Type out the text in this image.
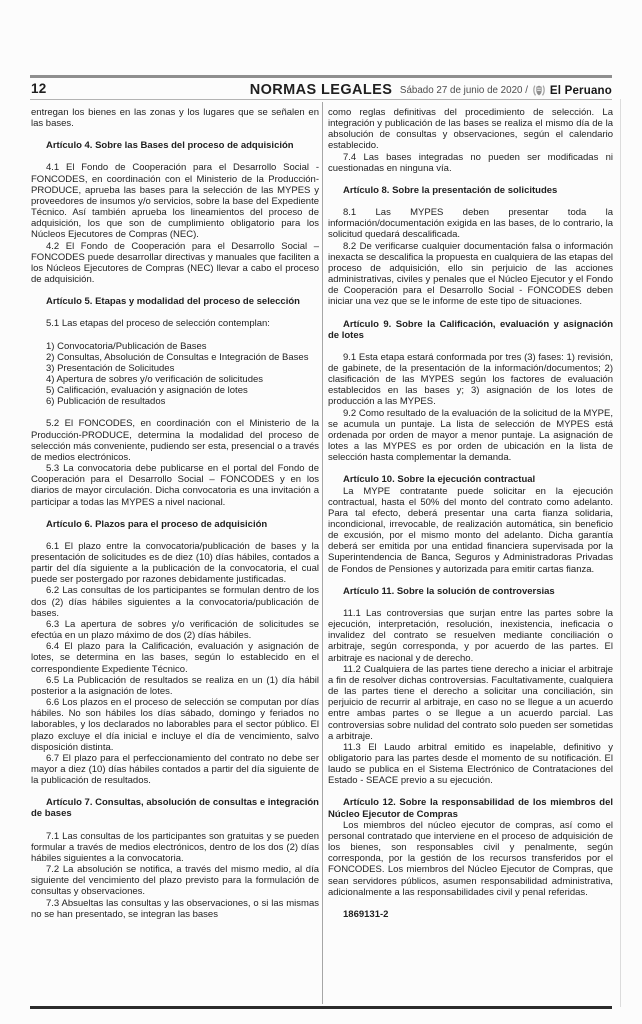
12	NORMAS LEGALES Sábado 27 de junio de 2020 / El Peruano

entregan los bienes en las zonas y los lugares que se señalen en las bases.

Artículo 4. Sobre las Bases del proceso de adquisición

4.1 El Fondo de Cooperación para el Desarrollo Social - FONCODES, en coordinación con el Ministerio de la Producción-PRODUCE, aprueba las bases para la selección de las MYPES y proveedores de insumos y/o servicios, sobre la base del Expediente Técnico. Así también aprueba los lineamientos del proceso de adquisición, los que son de cumplimiento obligatorio para los Núcleos Ejecutores de Compras (NEC).

4.2 El Fondo de Cooperación para el Desarrollo Social – FONCODES puede desarrollar directivas y manuales que faciliten a los Núcleos Ejecutores de Compras (NEC) llevar a cabo el proceso de adquisición.

Artículo 5. Etapas y modalidad del proceso de selección

5.1 Las etapas del proceso de selección contemplan:

1) Convocatoria/Publicación de Bases

2) Consultas, Absolución de Consultas e Integración de Bases

3) Presentación de Solicitudes

4) Apertura de sobres y/o verificación de solicitudes

5) Calificación, evaluación y asignación de lotes

6) Publicación de resultados

5.2 El FONCODES, en coordinación con el Ministerio de la Producción-PRODUCE, determina la modalidad del proceso de selección más conveniente, pudiendo ser esta, presencial o a través de medios electrónicos.

5.3 La convocatoria debe publicarse en el portal del Fondo de Cooperación para el Desarrollo Social – FONCODES y en los diarios de mayor circulación. Dicha convocatoria es una invitación a participar a todas las MYPES a nivel nacional.

Artículo 6. Plazos para el proceso de adquisición

6.1 El plazo entre la convocatoria/publicación de bases y la presentación de solicitudes es de diez (10) días hábiles, contados a partir del día siguiente a la publicación de la convocatoria, el cual puede ser postergado por razones debidamente justificadas.

6.2 Las consultas de los participantes se formulan dentro de los dos (2) días hábiles siguientes a la convocatoria/publicación de bases.

6.3 La apertura de sobres y/o verificación de solicitudes se efectúa en un plazo máximo de dos (2) días hábiles.

6.4 El plazo para la Calificación, evaluación y asignación de lotes, se determina en las bases, según lo establecido en el correspondiente Expediente Técnico.

6.5 La Publicación de resultados se realiza en un (1) día hábil posterior a la asignación de lotes.

6.6 Los plazos en el proceso de selección se computan por días hábiles. No son hábiles los días sábado, domingo y feriados no laborables, y los declarados no laborables para el sector público. El plazo excluye el día inicial e incluye el día de vencimiento, salvo disposición distinta.

6.7 El plazo para el perfeccionamiento del contrato no debe ser mayor a diez (10) días hábiles contados a partir del día siguiente de la publicación de resultados.

Artículo 7. Consultas, absolución de consultas e integración de bases

7.1 Las consultas de los participantes son gratuitas y se pueden formular a través de medios electrónicos, dentro de los dos (2) días hábiles siguientes a la convocatoria.

7.2 La absolución se notifica, a través del mismo medio, al día siguiente del vencimiento del plazo previsto para la formulación de consultas y observaciones.

7.3 Absueltas las consultas y las observaciones, o si las mismas no se han presentado, se integran las bases

como reglas definitivas del procedimiento de selección. La integración y publicación de las bases se realiza el mismo día de la absolución de consultas y observaciones, según el calendario establecido.

7.4 Las bases integradas no pueden ser modificadas ni cuestionadas en ninguna vía.

Artículo 8. Sobre la presentación de solicitudes

8.1 Las MYPES deben presentar toda la información/documentación exigida en las bases, de lo contrario, la solicitud quedará descalificada.

8.2 De verificarse cualquier documentación falsa o información inexacta se descalifica la propuesta en cualquiera de las etapas del proceso de adquisición, ello sin perjuicio de las acciones administrativas, civiles y penales que el Núcleo Ejecutor y el Fondo de Cooperación para el Desarrollo Social - FONCODES deben iniciar una vez que se le informe de este tipo de situaciones.

Artículo 9. Sobre la Calificación, evaluación y asignación de lotes

9.1 Esta etapa estará conformada por tres (3) fases: 1) revisión, de gabinete, de la presentación de la información/documentos; 2) clasificación de las MYPES según los factores de evaluación establecidos en las bases y; 3) asignación de los lotes de producción a las MYPES.

9.2 Como resultado de la evaluación de la solicitud de la MYPE, se acumula un puntaje. La lista de selección de MYPES está ordenada por orden de mayor a menor puntaje. La asignación de lotes a las MYPES es por orden de ubicación en la lista de selección hasta complementar la demanda.

Artículo 10. Sobre la ejecución contractual

La MYPE contratante puede solicitar en la ejecución contractual, hasta el 50% del monto del contrato como adelanto. Para tal efecto, deberá presentar una carta fianza solidaria, incondicional, irrevocable, de realización automática, sin beneficio de excusión, por el mismo monto del adelanto. Dicha garantía deberá ser emitida por una entidad financiera supervisada por la Superintendencia de Banca, Seguros y Administradoras Privadas de Fondos de Pensiones y autorizada para emitir cartas fianza.

Artículo 11. Sobre la solución de controversias

11.1 Las controversias que surjan entre las partes sobre la ejecución, interpretación, resolución, inexistencia, ineficacia o invalidez del contrato se resuelven mediante conciliación o arbitraje, según corresponda, y por acuerdo de las partes. El arbitraje es nacional y de derecho.

11.2 Cualquiera de las partes tiene derecho a iniciar el arbitraje a fin de resolver dichas controversias. Facultativamente, cualquiera de las partes tiene el derecho a solicitar una conciliación, sin perjuicio de recurrir al arbitraje, en caso no se llegue a un acuerdo entre ambas partes o se llegue a un acuerdo parcial. Las controversias sobre nulidad del contrato solo pueden ser sometidas a arbitraje.

11.3 El Laudo arbitral emitido es inapelable, definitivo y obligatorio para las partes desde el momento de su notificación. El laudo se publica en el Sistema Electrónico de Contrataciones del Estado - SEACE previo a su ejecución.

Artículo 12. Sobre la responsabilidad de los miembros del Núcleo Ejecutor de Compras

Los miembros del núcleo ejecutor de compras, así como el personal contratado que interviene en el proceso de adquisición de los bienes, son responsables civil y penalmente, según corresponda, por la gestión de los recursos transferidos por el FONCODES. Los miembros del Núcleo Ejecutor de Compras, que sean servidores públicos, asumen responsabilidad administrativa, adicionalmente a las responsabilidades civil y penal referidas.

1869131-2
